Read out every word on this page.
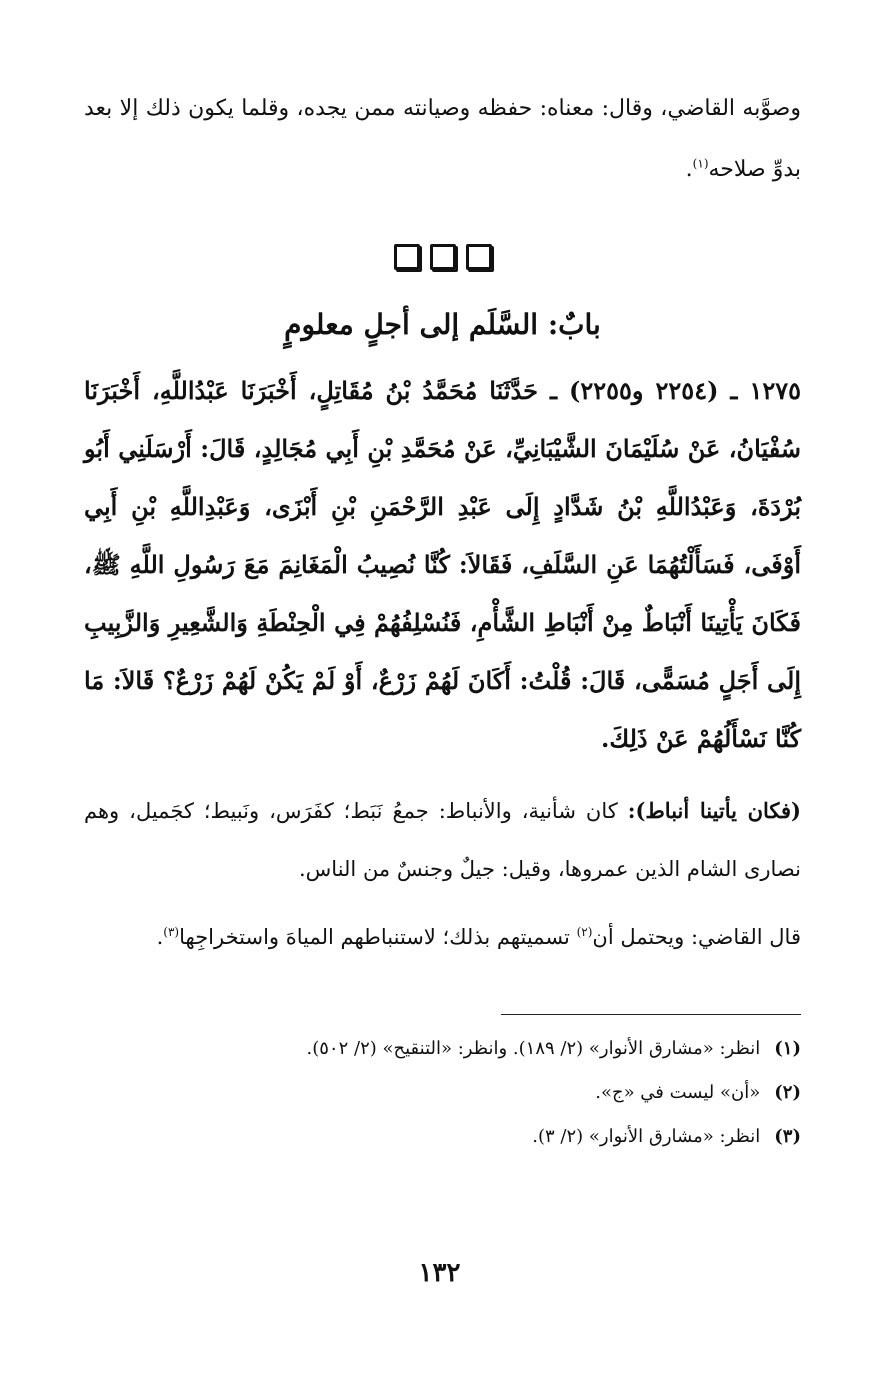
وصوَّبه القاضي، وقال: معناه: حفظه وصيانته ممن يجده، وقلما يكون ذلك إلا بعد بدوِّ صلاحه$^{(١)}$.

بابٌ: السَّلَم إلى أجلٍ معلومٍ

١٢٧٥ ـ (٢٢٥٤ و٢٢٥٥) ـ حَدَّثَنَا مُحَمَّدُ بْنُ مُقَاتِلٍ، أَخْبَرَنَا عَبْدُاللَّهِ، أَخْبَرَنَا سُفْيَانُ، عَنْ سُلَيْمَانَ الشَّيْبَانِيِّ، عَنْ مُحَمَّدِ بْنِ أَبِي مُجَالِدٍ، قَالَ: أَرْسَلَنِي أَبُو بُرْدَةَ، وَعَبْدُاللَّهِ بْنُ شَدَّادٍ إِلَى عَبْدِ الرَّحْمَنِ بْنِ أَبْزَى، وَعَبْدِاللَّهِ بْنِ أَبِي أَوْفَى، فَسَأَلْتُهُمَا عَنِ السَّلَفِ، فَقَالاَ: كُنَّا نُصِيبُ الْمَغَانِمَ مَعَ رَسُولِ اللَّهِ ﷺ، فَكَانَ يَأْتِينَا أَنْبَاطٌ مِنْ أَنْبَاطِ الشَّأْمِ، فَنُسْلِفُهُمْ فِي الْحِنْطَةِ وَالشَّعِيرِ وَالزَّبِيبِ إِلَى أَجَلٍ مُسَمًّى، قَالَ: قُلْتُ: أَكَانَ لَهُمْ زَرْعٌ، أَوْ لَمْ يَكُنْ لَهُمْ زَرْعٌ؟ قَالاَ: مَا كُنَّا نَسْأَلُهُمْ عَنْ ذَلِكَ.

(فكان يأتينا أنباط): كان شأنية، والأنباط: جمعُ نَبَط؛ كفَرَس، ونَبيط؛ كجَميل، وهم نصارى الشام الذين عمروها، وقيل: جيلٌ وجنسٌ من الناس.

قال القاضي: ويحتمل أن$^{(٢)}$ تسميتهم بذلك؛ لاستنباطهم المياهَ واستخراجِها$^{(٣)}$.

(١)انظر: «مشارق الأنوار» (٢/ ١٨٩). وانظر: «التنقيح» (٢/ ٥٠٢).
(٢)«أن» ليست في «ج».
(٣)انظر: «مشارق الأنوار» (٢/ ٣).
١٣٢
